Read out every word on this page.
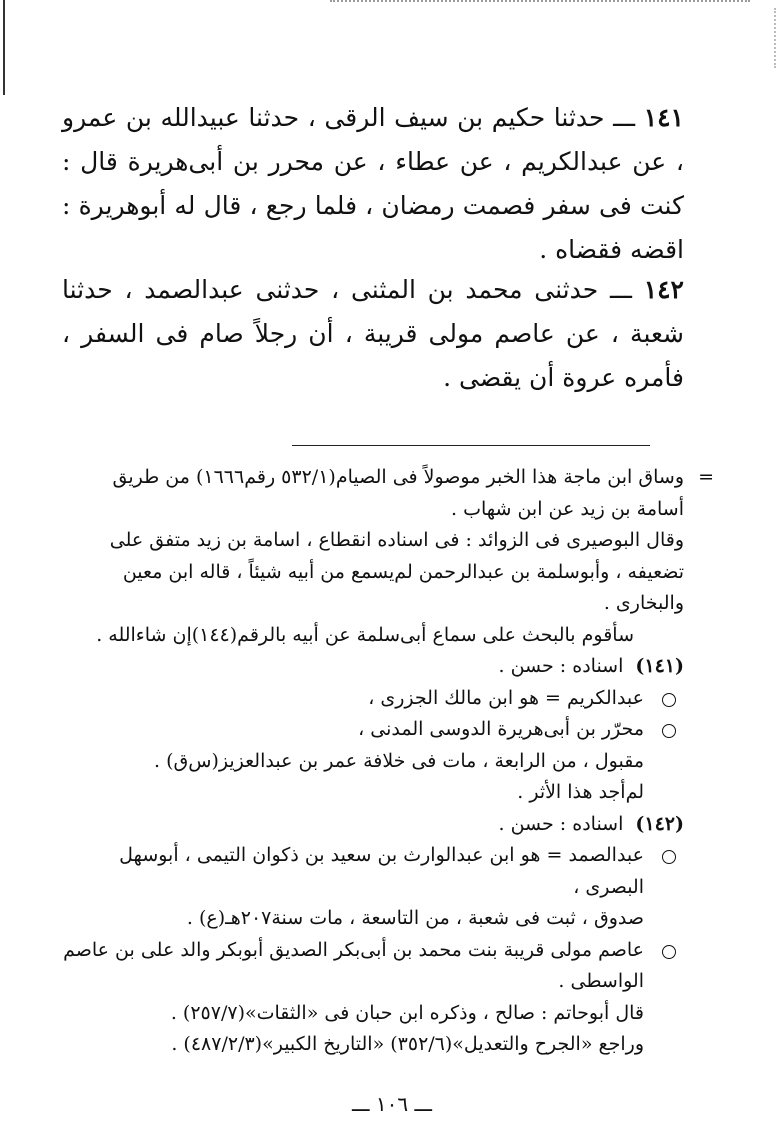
١٤١ ـــ حدثنا حكيم بن سيف الرقى ، حدثنا عبيدالله بن عمرو ، عن عبدالكريم ، عن عطاء ، عن محرر بن أبى‌هريرة قال : كنت فى سفر فصمت رمضان ، فلما رجع ، قال له أبوهريرة : اقضه فقضاه .

١٤٢ ـــ حدثنى محمد بن المثنى ، حدثنى عبدالصمد ، حدثنا شعبة ، عن عاصم مولى قريبة ، أن رجلاً صام فى السفر ، فأمره عروة أن يقضى .

=

وساق ابن ماجة هذا الخبر موصولاً فى الصيام(٥٣٢/١ رقم١٦٦٦) من طريق أسامة بن زيد عن ابن شهاب .

وقال البوصيرى فى الزوائد : فى اسناده انقطاع ، اسامة بن زيد متفق على تضعيفه ، وأبوسلمة بن عبدالرحمن لم‌يسمع من أبيه شيئاً ، قاله ابن معين والبخارى .

سأقوم بالبحث على سماع أبى‌سلمة عن أبيه بالرقم(١٤٤)إن شاءالله .

(١٤١)اسناده : حسن .

عبدالكريم = هو ابن مالك الجزرى ،

محرّر بن أبى‌هريرة الدوسى المدنى ،

مقبول ، من الرابعة ، مات فى خلافة عمر بن عبدالعزيز(س‌ق) .

لم‌أجد هذا الأثر .

(١٤٢)اسناده : حسن .

عبدالصمد = هو ابن عبدالوارث بن سعيد بن ذكوان التيمى ، أبوسهل البصرى ،

صدوق ، ثبت فى شعبة ، من التاسعة ، مات سنة٢٠٧هـ(ع) .

عاصم مولى قريبة بنت محمد بن أبى‌بكر الصديق أبوبكر والد على بن عاصم الواسطى .

قال أبوحاتم : صالح ، وذكره ابن حبان فى «الثقات»(٢٥٧/٧) .

وراجع «الجرح والتعديل»(٣٥٢/٦) «التاريخ الكبير»(٤٨٧/٢/٣) .

ـــ ١٠٦ ـــ
